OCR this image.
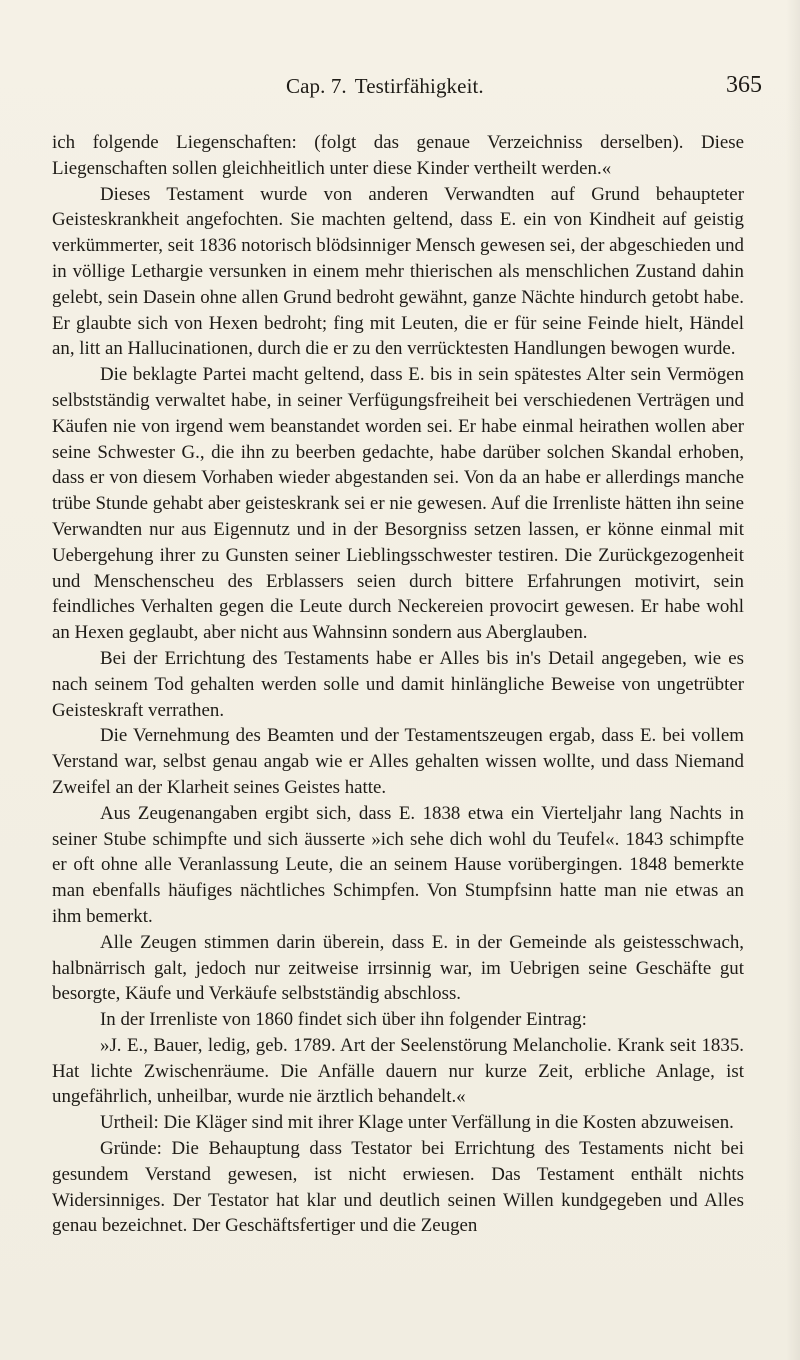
Cap. 7. Testirfähigkeit.	365

ich folgende Liegenschaften: (folgt das genaue Verzeichniss derselben). Diese Liegenschaften sollen gleichheitlich unter diese Kinder vertheilt werden.«

Dieses Testament wurde von anderen Verwandten auf Grund behaupteter Geisteskrankheit angefochten. Sie machten geltend, dass E. ein von Kindheit auf geistig verkümmerter, seit 1836 notorisch blödsinniger Mensch gewesen sei, der abgeschieden und in völlige Lethargie versunken in einem mehr thierischen als menschlichen Zustand dahin gelebt, sein Dasein ohne allen Grund bedroht gewähnt, ganze Nächte hindurch getobt habe. Er glaubte sich von Hexen bedroht; fing mit Leuten, die er für seine Feinde hielt, Händel an, litt an Hallucinationen, durch die er zu den verrücktesten Handlungen bewogen wurde.

Die beklagte Partei macht geltend, dass E. bis in sein spätestes Alter sein Vermögen selbstständig verwaltet habe, in seiner Verfügungsfreiheit bei verschiedenen Verträgen und Käufen nie von irgend wem beanstandet worden sei. Er habe einmal heirathen wollen aber seine Schwester G., die ihn zu beerben gedachte, habe darüber solchen Skandal erhoben, dass er von diesem Vorhaben wieder abgestanden sei. Von da an habe er allerdings manche trübe Stunde gehabt aber geisteskrank sei er nie gewesen. Auf die Irrenliste hätten ihn seine Verwandten nur aus Eigennutz und in der Besorgniss setzen lassen, er könne einmal mit Uebergehung ihrer zu Gunsten seiner Lieblingsschwester testiren. Die Zurückgezogenheit und Menschenscheu des Erblassers seien durch bittere Erfahrungen motivirt, sein feindliches Verhalten gegen die Leute durch Neckereien provocirt gewesen. Er habe wohl an Hexen geglaubt, aber nicht aus Wahnsinn sondern aus Aberglauben.

Bei der Errichtung des Testaments habe er Alles bis in's Detail angegeben, wie es nach seinem Tod gehalten werden solle und damit hinlängliche Beweise von ungetrübter Geisteskraft verrathen.

Die Vernehmung des Beamten und der Testamentszeugen ergab, dass E. bei vollem Verstand war, selbst genau angab wie er Alles gehalten wissen wollte, und dass Niemand Zweifel an der Klarheit seines Geistes hatte.

Aus Zeugenangaben ergibt sich, dass E. 1838 etwa ein Vierteljahr lang Nachts in seiner Stube schimpfte und sich äusserte »ich sehe dich wohl du Teufel«. 1843 schimpfte er oft ohne alle Veranlassung Leute, die an seinem Hause vorübergingen. 1848 bemerkte man ebenfalls häufiges nächtliches Schimpfen. Von Stumpfsinn hatte man nie etwas an ihm bemerkt.

Alle Zeugen stimmen darin überein, dass E. in der Gemeinde als geistesschwach, halbnärrisch galt, jedoch nur zeitweise irrsinnig war, im Uebrigen seine Geschäfte gut besorgte, Käufe und Verkäufe selbstständig abschloss.

In der Irrenliste von 1860 findet sich über ihn folgender Eintrag:

»J. E., Bauer, ledig, geb. 1789. Art der Seelenstörung Melancholie. Krank seit 1835. Hat lichte Zwischenräume. Die Anfälle dauern nur kurze Zeit, erbliche Anlage, ist ungefährlich, unheilbar, wurde nie ärztlich behandelt.«

Urtheil: Die Kläger sind mit ihrer Klage unter Verfällung in die Kosten abzuweisen.

Gründe: Die Behauptung dass Testator bei Errichtung des Testaments nicht bei gesundem Verstand gewesen, ist nicht erwiesen. Das Testament enthält nichts Widersinniges. Der Testator hat klar und deutlich seinen Willen kundgegeben und Alles genau bezeichnet. Der Geschäftsfertiger und die Zeugen
